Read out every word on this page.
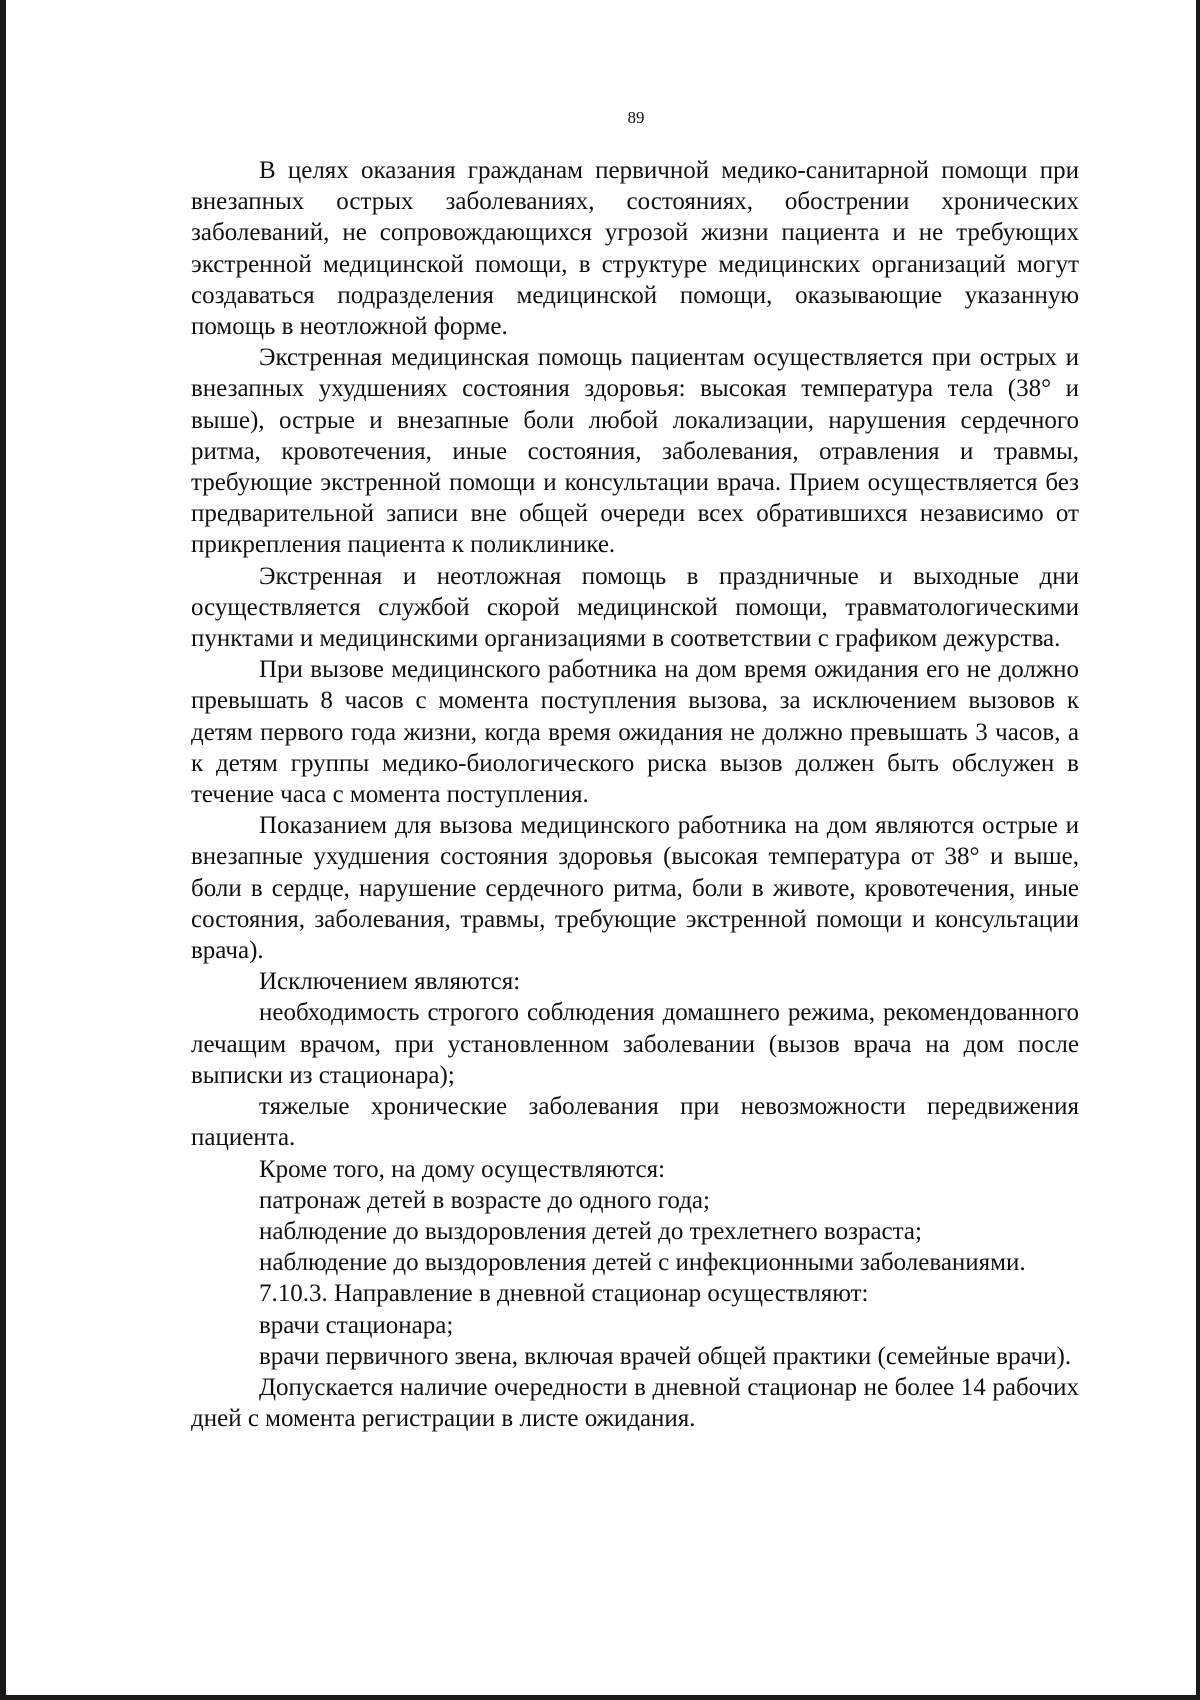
89

В целях оказания гражданам первичной медико-санитарной помощи при внезапных острых заболеваниях, состояниях, обострении хронических заболеваний, не сопровождающихся угрозой жизни пациента и не требующих экстренной медицинской помощи, в структуре медицинских организаций могут создаваться подразделения медицинской помощи, оказывающие указанную помощь в неотложной форме.

Экстренная медицинская помощь пациентам осуществляется при острых и внезапных ухудшениях состояния здоровья: высокая температура тела (38° и выше), острые и внезапные боли любой локализации, нарушения сердечного ритма, кровотечения, иные состояния, заболевания, отравления и травмы, требующие экстренной помощи и консультации врача. Прием осуществляется без предварительной записи вне общей очереди всех обратившихся независимо от прикрепления пациента к поликлинике.

Экстренная и неотложная помощь в праздничные и выходные дни осуществляется службой скорой медицинской помощи, травматологическими пунктами и медицинскими организациями в соответствии с графиком дежурства.

При вызове медицинского работника на дом время ожидания его не должно превышать 8 часов с момента поступления вызова, за исключением вызовов к детям первого года жизни, когда время ожидания не должно превышать 3 часов, а к детям группы медико-биологического риска вызов должен быть обслужен в течение часа с момента поступления.

Показанием для вызова медицинского работника на дом являются острые и внезапные ухудшения состояния здоровья (высокая температура от 38° и выше, боли в сердце, нарушение сердечного ритма, боли в животе, кровотечения, иные состояния, заболевания, травмы, требующие экстренной помощи и консультации врача).

Исключением являются:

необходимость строгого соблюдения домашнего режима, рекомендованного лечащим врачом, при установленном заболевании (вызов врача на дом после выписки из стационара);

тяжелые хронические заболевания при невозможности передвижения пациента.

Кроме того, на дому осуществляются:

патронаж детей в возрасте до одного года;

наблюдение до выздоровления детей до трехлетнего возраста;

наблюдение до выздоровления детей с инфекционными заболеваниями.

7.10.3. Направление в дневной стационар осуществляют:

врачи стационара;

врачи первичного звена, включая врачей общей практики (семейные врачи).

Допускается наличие очередности в дневной стационар не более 14 рабочих дней с момента регистрации в листе ожидания.
